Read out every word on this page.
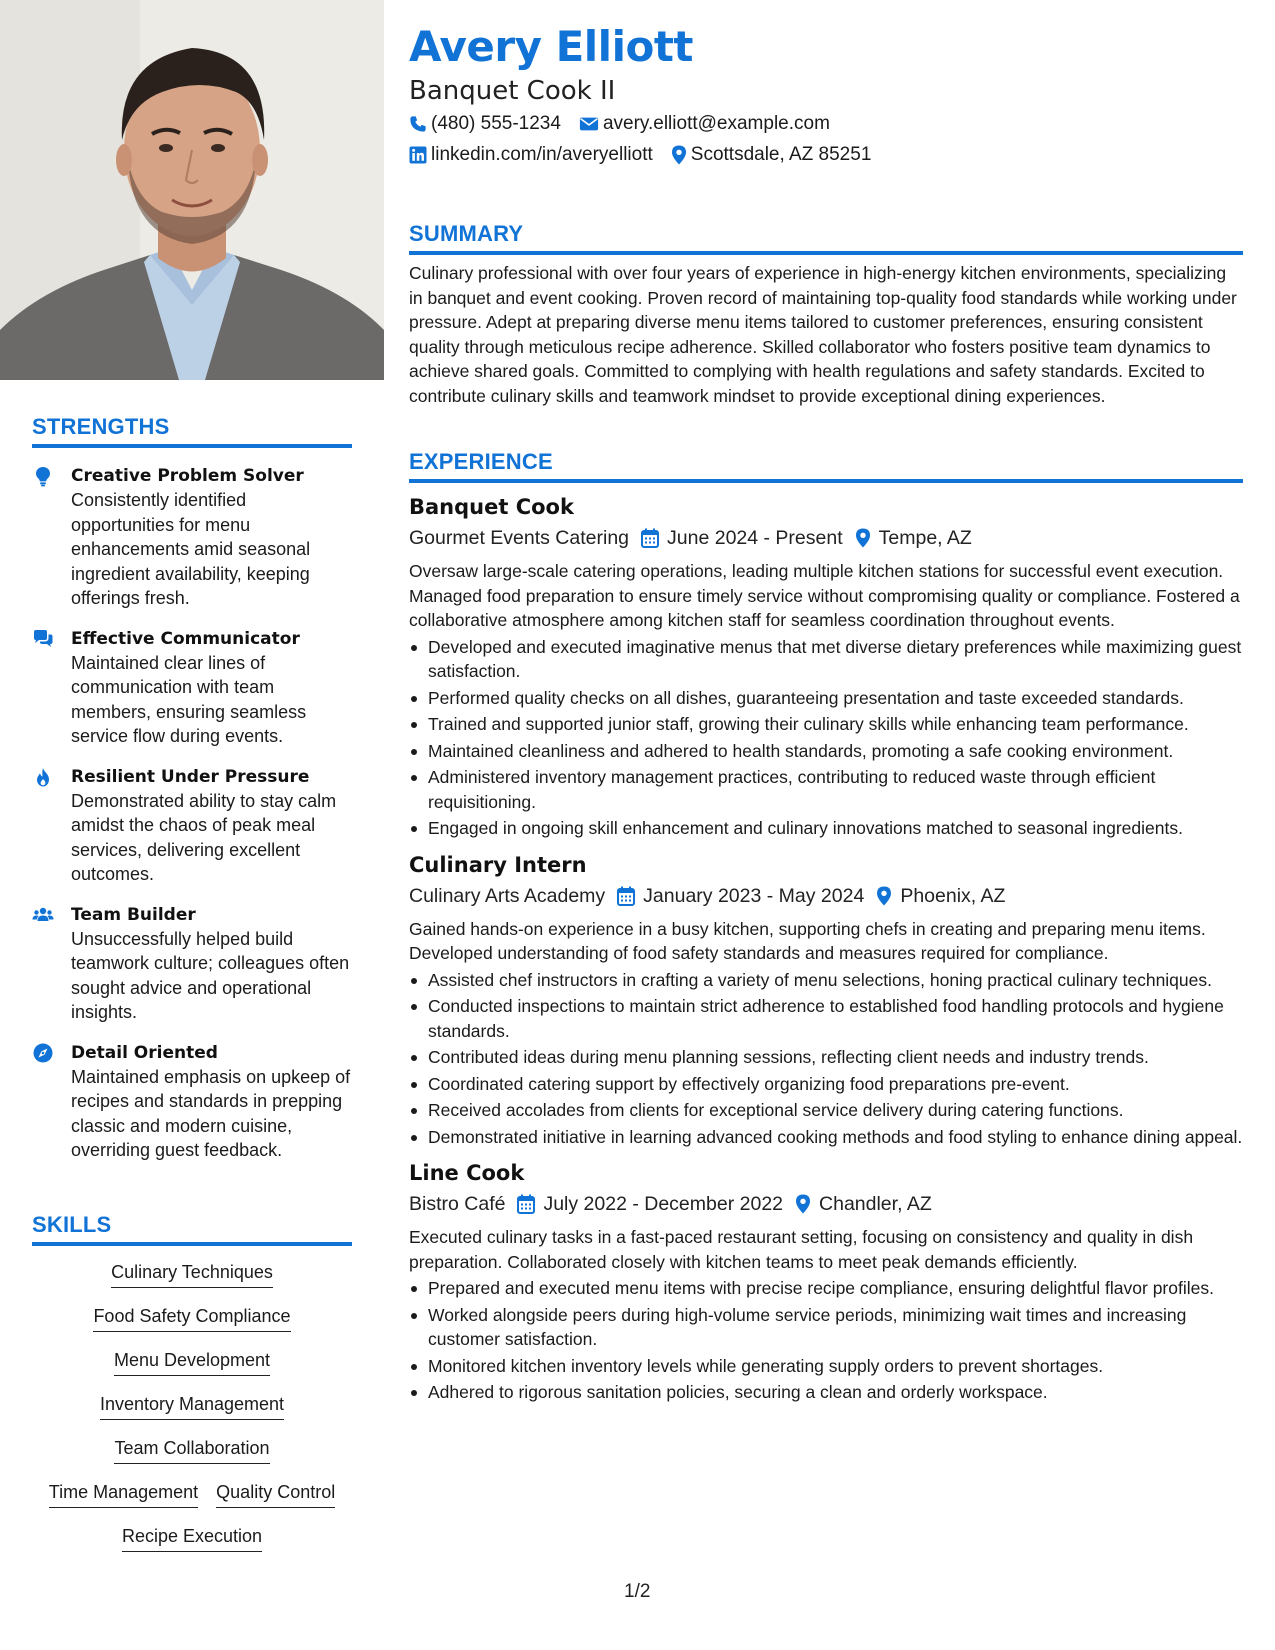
STRENGTHS
Creative Problem Solver
Consistently identified opportunities for menu enhancements amid seasonal ingredient availability, keeping offerings fresh.
Effective Communicator
Maintained clear lines of communication with team members, ensuring seamless service flow during events.
Resilient Under Pressure
Demonstrated ability to stay calm amidst the chaos of peak meal services, delivering excellent outcomes.
Team Builder
Unsuccessfully helped build teamwork culture; colleagues often sought advice and operational insights.
Detail Oriented
Maintained emphasis on upkeep of recipes and standards in prepping classic and modern cuisine, overriding guest feedback.
SKILLS
Culinary Techniques
Food Safety Compliance
Menu Development
Inventory Management
Team Collaboration
Time Management Quality Control
Recipe Execution
Avery Elliott
Banquet Cook II
(480) 555-1234 avery.elliott@example.com
linkedin.com/in/averyelliott Scottsdale, AZ 85251
SUMMARY
Culinary professional with over four years of experience in high-energy kitchen environments, specializing in banquet and event cooking. Proven record of maintaining top-quality food standards while working under pressure. Adept at preparing diverse menu items tailored to customer preferences, ensuring consistent quality through meticulous recipe adherence. Skilled collaborator who fosters positive team dynamics to achieve shared goals. Committed to complying with health regulations and safety standards. Excited to contribute culinary skills and teamwork mindset to provide exceptional dining experiences.
EXPERIENCE
Banquet Cook
Gourmet Events Catering June 2024 - Present Tempe, AZ
Oversaw large-scale catering operations, leading multiple kitchen stations for successful event execution. Managed food preparation to ensure timely service without compromising quality or compliance. Fostered a collaborative atmosphere among kitchen staff for seamless coordination throughout events.
Developed and executed imaginative menus that met diverse dietary preferences while maximizing guest satisfaction.
Performed quality checks on all dishes, guaranteeing presentation and taste exceeded standards.
Trained and supported junior staff, growing their culinary skills while enhancing team performance.
Maintained cleanliness and adhered to health standards, promoting a safe cooking environment.
Administered inventory management practices, contributing to reduced waste through efficient requisitioning.
Engaged in ongoing skill enhancement and culinary innovations matched to seasonal ingredients.
Culinary Intern
Culinary Arts Academy January 2023 - May 2024 Phoenix, AZ
Gained hands-on experience in a busy kitchen, supporting chefs in creating and preparing menu items. Developed understanding of food safety standards and measures required for compliance.
Assisted chef instructors in crafting a variety of menu selections, honing practical culinary techniques.
Conducted inspections to maintain strict adherence to established food handling protocols and hygiene standards.
Contributed ideas during menu planning sessions, reflecting client needs and industry trends.
Coordinated catering support by effectively organizing food preparations pre-event.
Received accolades from clients for exceptional service delivery during catering functions.
Demonstrated initiative in learning advanced cooking methods and food styling to enhance dining appeal.
Line Cook
Bistro Café July 2022 - December 2022 Chandler, AZ
Executed culinary tasks in a fast-paced restaurant setting, focusing on consistency and quality in dish preparation. Collaborated closely with kitchen teams to meet peak demands efficiently.
Prepared and executed menu items with precise recipe compliance, ensuring delightful flavor profiles.
Worked alongside peers during high-volume service periods, minimizing wait times and increasing customer satisfaction.
Monitored kitchen inventory levels while generating supply orders to prevent shortages.
Adhered to rigorous sanitation policies, securing a clean and orderly workspace.
1/2
